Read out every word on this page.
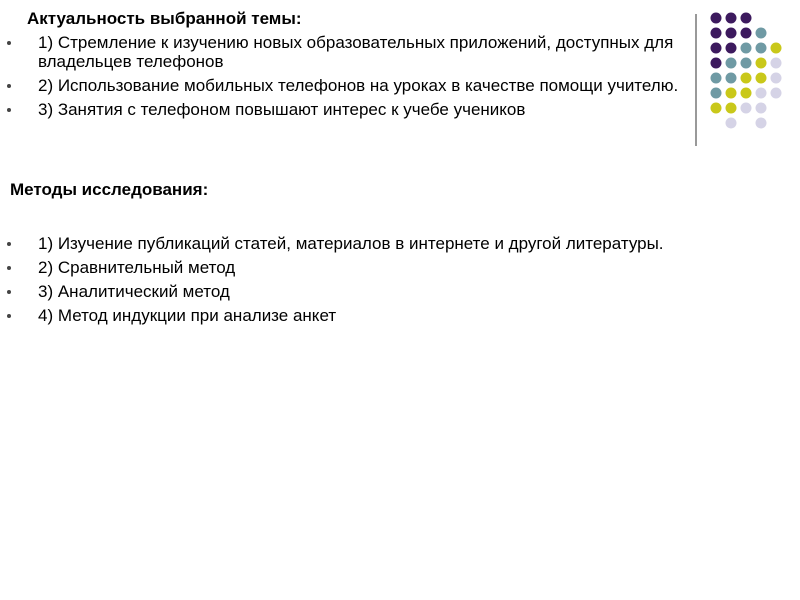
Актуальность выбранной темы:
1) Стремление к изучению новых образовательных приложений, доступных для владельцев телефонов
2) Использование мобильных телефонов на уроках в качестве помощи учителю.
3) Занятия с телефоном повышают интерес к учебе учеников
Методы исследования:
1) Изучение публикаций статей, материалов в интернете и другой литературы.
2) Сравнительный метод
3) Аналитический метод
4) Метод индукции при анализе анкет
